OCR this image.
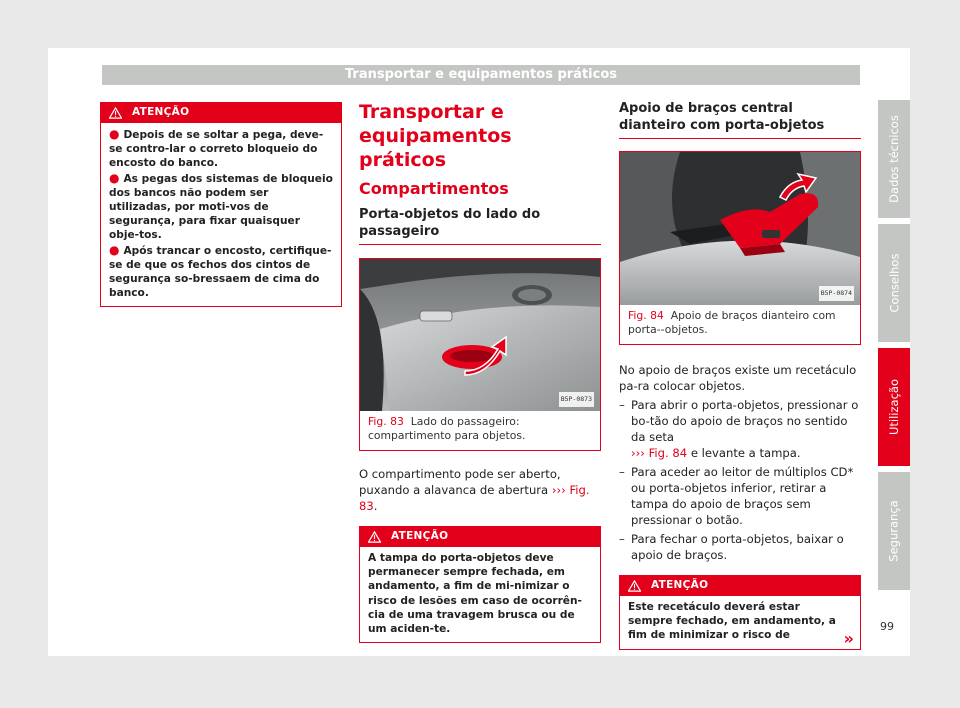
Transportar e equipamentos práticos
ATENÇÃO
● Depois de se soltar a pega, deve-se contro-lar o correto bloqueio do encosto do banco.
● As pegas dos sistemas de bloqueio dos bancos não podem ser utilizadas, por moti-vos de segurança, para fixar quaisquer obje-tos.
● Após trancar o encosto, certifique-se de que os fechos dos cintos de segurança so-bressaem de cima do banco.
Transportar e equipamentos práticos
Compartimentos
Porta-objetos do lado do passageiro
B5P-0873
Fig. 83 Lado do passageiro: compartimento para objetos.

O compartimento pode ser aberto, puxando a alavanca de abertura ››› Fig. 83.

ATENÇÃO
A tampa do porta-objetos deve permanecer sempre fechada, em andamento, a fim de mi-nimizar o risco de lesões em caso de ocorrên-cia de uma travagem brusca ou de um aciden-te.
Apoio de braços central dianteiro com porta-objetos
B5P-0874
Fig. 84 Apoio de braços dianteiro com porta--objetos.

No apoio de braços existe um recetáculo pa-ra colocar objetos.

– Para abrir o porta-objetos, pressionar o bo-tão do apoio de braços no sentido da seta
››› Fig. 84 e levante a tampa.
– Para aceder ao leitor de múltiplos CD* ou porta-objetos inferior, retirar a tampa do apoio de braços sem pressionar o botão.
– Para fechar o porta-objetos, baixar o apoio de braços.
ATENÇÃO
Este recetáculo deverá estar sempre fechado, em andamento, a fim de minimizar o risco de	»
Dados técnicos
Conselhos
Utilização
Segurança
99
